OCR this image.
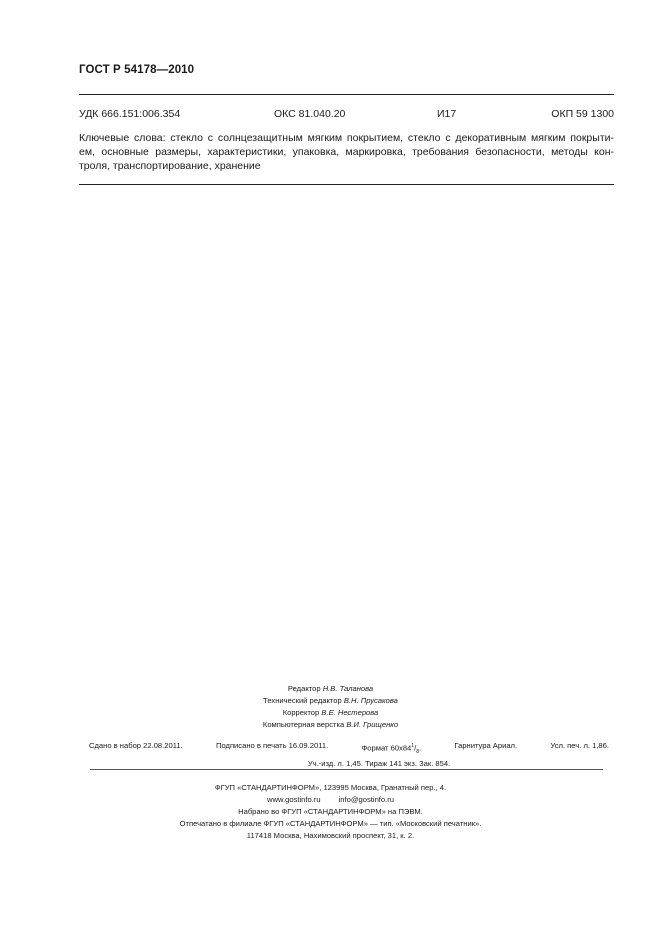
ГОСТ Р 54178—2010
УДК 666.151:006.354	ОКС 81.040.20	И17	ОКП 59 1300
Ключевые слова: стекло с солнцезащитным мягким покрытием, стекло с декоративным мягким покрыти-
ем, основные размеры, характеристики, упаковка, маркировка, требования безопасности, методы кон-
троля, транспортирование, хранение
Редактор Н.В. Таланова
Технический редактор В.Н. Прусакова
Корректор В.Е. Нестерова
Компьютерная верстка В.И. Грищенко
Сдано в набор 22.08.2011.	Подписано в печать 16.09.2011.	Формат $60x84^1/_8$.	Гарнитура Ариал.	Усл. печ. л. 1,86.
Уч.-изд. л. 1,45. Тираж 141 экз. Зак. 854.
ФГУП «СТАНДАРТИНФОРМ», 123995 Москва, Гранатный пер., 4.
www.gostinfo.ru info@gostinfo.ru
Набрано во ФГУП «СТАНДАРТИНФОРМ» на ПЭВМ.
Отпечатано в филиале ФГУП «СТАНДАРТИНФОРМ» — тип. «Московский печатник».
117418 Москва, Нахимовский проспект, 31, к. 2.
